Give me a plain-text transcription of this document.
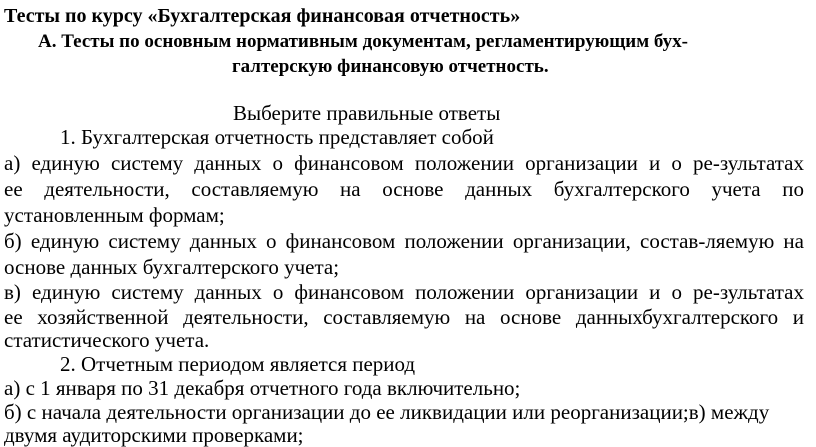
Тесты по курсу «Бухгалтерская финансовая отчетность»
А. Тесты по основным нормативным документам, регламентирующим бух-
галтерскую финансовую отчетность.
Выберите правильные ответы
1. Бухгалтерская отчетность представляет собой
а) единую систему данных о финансовом положении организации и о ре-зультатах
ее деятельности, составляемую на основе данных бухгалтерского учета по
установленным формам;
б) единую систему данных о финансовом положении организации, состав-ляемую на
основе данных бухгалтерского учета;
в) единую систему данных о финансовом положении организации и о ре-зультатах
ее хозяйственной деятельности, составляемую на основе данныхбухгалтерского и
статистического учета.
2. Отчетным периодом является период
а) с 1 января по 31 декабря отчетного года включительно;
б) с начала деятельности организации до ее ликвидации или реорганизации;в) между
двумя аудиторскими проверками;
